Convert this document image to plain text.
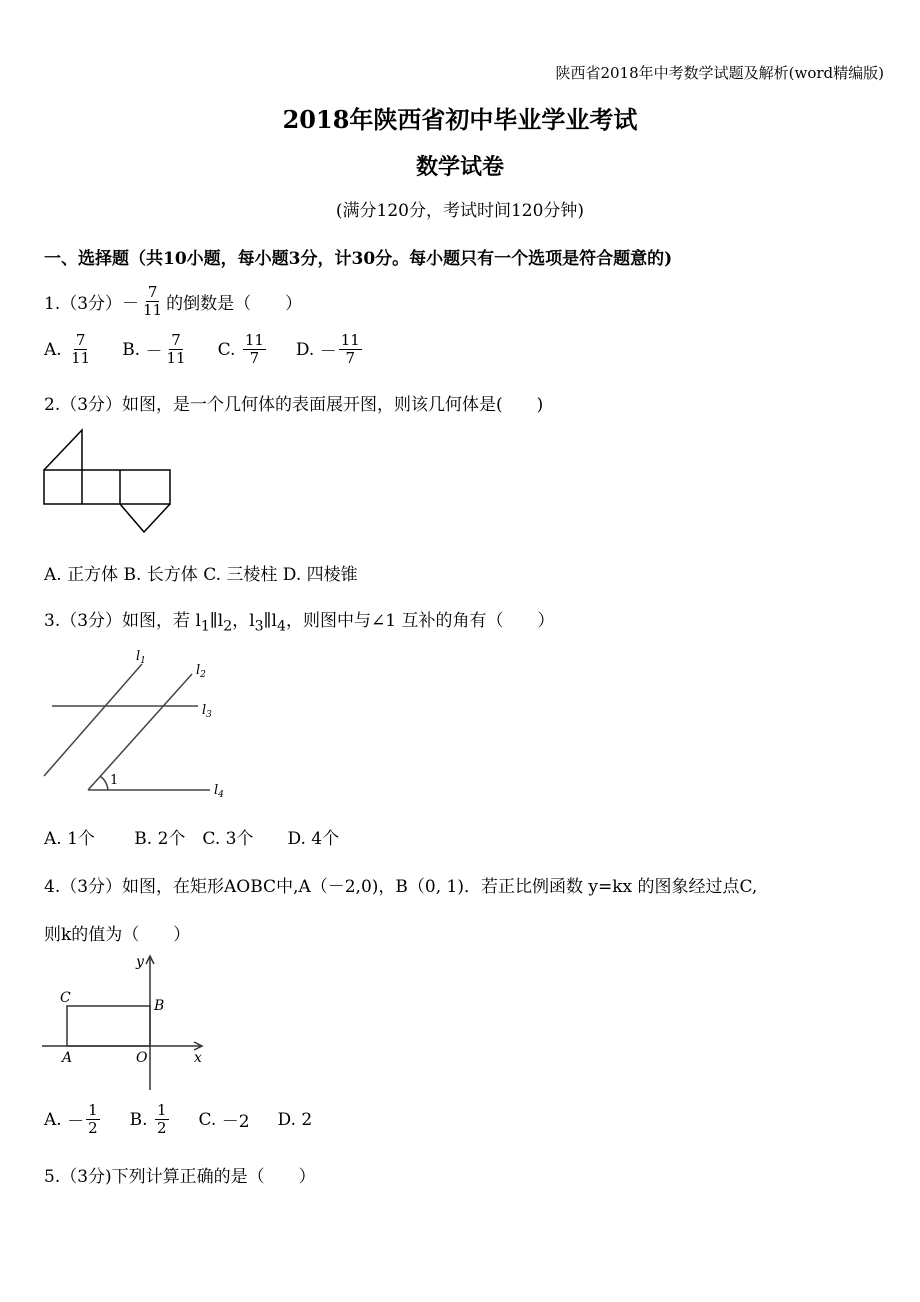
陕西省2018年中考数学试题及解析(word精编版)
2018年陕西省初中毕业学业考试
数学试卷
(满分120分，考试时间120分钟)
一、选择题（共10小题，每小题3分，计30分。每小题只有一个选项是符合题意的)
1.（3分）－ $\frac{7}{11}$ 的倒数是（　　）
A.
$\frac{7}{11} B$.
－ $\frac{7}{11} C$.
$\frac{11}{7} D$.
－ $\frac{11}{7}$
2.（3分）如图，是一个几何体的表面展开图，则该几何体是(　　)
A. 正方体 B. 长方体 C. 三棱柱 D. 四棱锥
3.（3分）如图，若 $l_1\parallel l_2$，$l_3\parallel l_4$，则图中与∠1 互补的角有（　　）
$l_1$
$l_2$
$l_3$
$l_4$
1
A. 1个　　 B. 2个　C. 3个　　D. 4个
4.（3分）如图，在矩形AOBC中,A（－2,0)，B（0, 1)．若正比例函数 y=kx 的图象经过点C,
则k的值为（　　）
y
x
C	B
A	O
A.
－ $\frac{1}{2} B$.
$\frac{1}{2} C$.
－2 D.
2
5.（3分)下列计算正确的是（　　）
